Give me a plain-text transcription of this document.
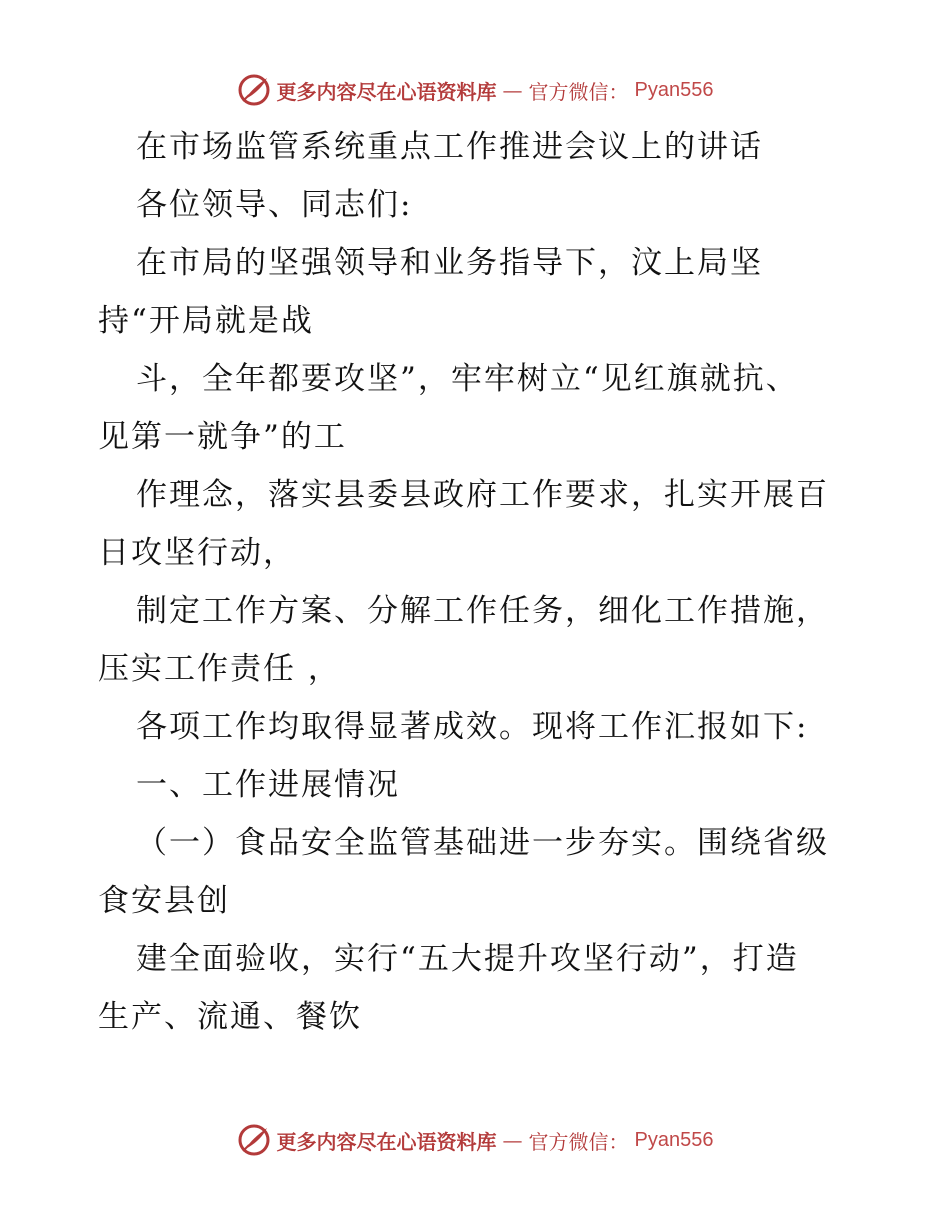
更多内容尽在心语资料库 — 官方微信： Pyan556
在市场监管系统重点工作推进会议上的讲话
各位领导、同志们:
在市局的坚强领导和业务指导下，汶上局坚
持“开局就是战
斗，全年都要攻坚”，牢牢树立“见红旗就抗、
见第一就争”的工
作理念，落实县委县政府工作要求，扎实开展百
日攻坚行动，
制定工作方案、分解工作任务，细化工作措施，
压实工作责任 ，
各项工作均取得显著成效。现将工作汇报如下:
一、工作进展情况
（一）食品安全监管基础进一步夯实。围绕省级
食安县创
建全面验收，实行“五大提升攻坚行动”，打造
生产、流通、餐饮
更多内容尽在心语资料库 — 官方微信： Pyan556
